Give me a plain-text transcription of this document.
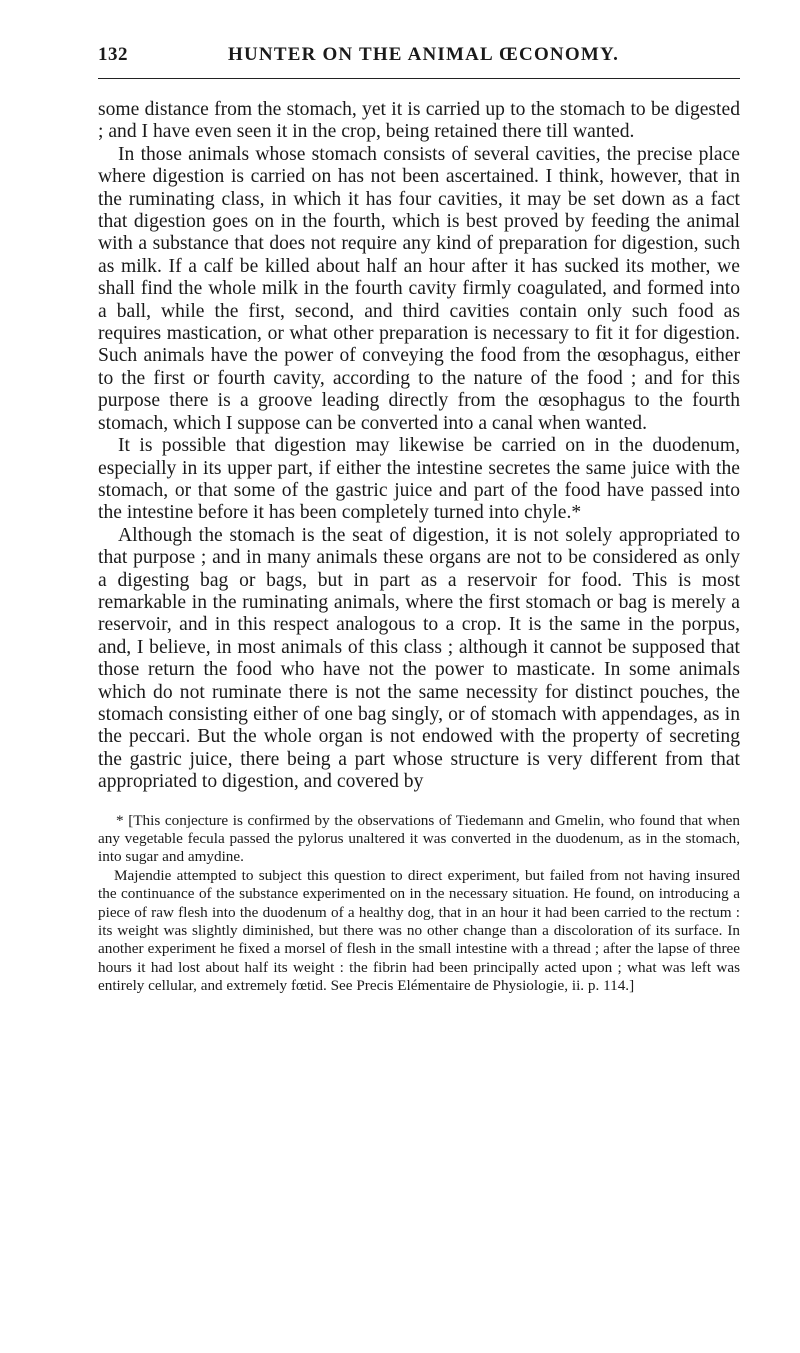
132	HUNTER ON THE ANIMAL ŒCONOMY.

some distance from the stomach, yet it is carried up to the stomach to be digested ; and I have even seen it in the crop, being retained there till wanted.

In those animals whose stomach consists of several cavities, the precise place where digestion is carried on has not been ascertained. I think, however, that in the ruminating class, in which it has four cavities, it may be set down as a fact that digestion goes on in the fourth, which is best proved by feeding the animal with a substance that does not require any kind of preparation for digestion, such as milk. If a calf be killed about half an hour after it has sucked its mother, we shall find the whole milk in the fourth cavity firmly coagulated, and formed into a ball, while the first, second, and third cavities contain only such food as requires mastication, or what other preparation is necessary to fit it for digestion. Such animals have the power of conveying the food from the œsophagus, either to the first or fourth cavity, according to the nature of the food ; and for this purpose there is a groove leading directly from the œsophagus to the fourth stomach, which I suppose can be converted into a canal when wanted.

It is possible that digestion may likewise be carried on in the duodenum, especially in its upper part, if either the intestine secretes the same juice with the stomach, or that some of the gastric juice and part of the food have passed into the intestine before it has been completely turned into chyle.*

Although the stomach is the seat of digestion, it is not solely appropriated to that purpose ; and in many animals these organs are not to be considered as only a digesting bag or bags, but in part as a reservoir for food. This is most remarkable in the ruminating animals, where the first stomach or bag is merely a reservoir, and in this respect analogous to a crop. It is the same in the porpus, and, I believe, in most animals of this class ; although it cannot be supposed that those return the food who have not the power to masticate. In some animals which do not ruminate there is not the same necessity for distinct pouches, the stomach consisting either of one bag singly, or of stomach with appendages, as in the peccari. But the whole organ is not endowed with the property of secreting the gastric juice, there being a part whose structure is very different from that appropriated to digestion, and covered by

* [This conjecture is confirmed by the observations of Tiedemann and Gmelin, who found that when any vegetable fecula passed the pylorus unaltered it was converted in the duodenum, as in the stomach, into sugar and amydine.

Majendie attempted to subject this question to direct experiment, but failed from not having insured the continuance of the substance experimented on in the necessary situation. He found, on introducing a piece of raw flesh into the duodenum of a healthy dog, that in an hour it had been carried to the rectum : its weight was slightly diminished, but there was no other change than a discoloration of its surface. In another experiment he fixed a morsel of flesh in the small intestine with a thread ; after the lapse of three hours it had lost about half its weight : the fibrin had been principally acted upon ; what was left was entirely cellular, and extremely fœtid. See Precis Elémentaire de Physiologie, ii. p. 114.]
